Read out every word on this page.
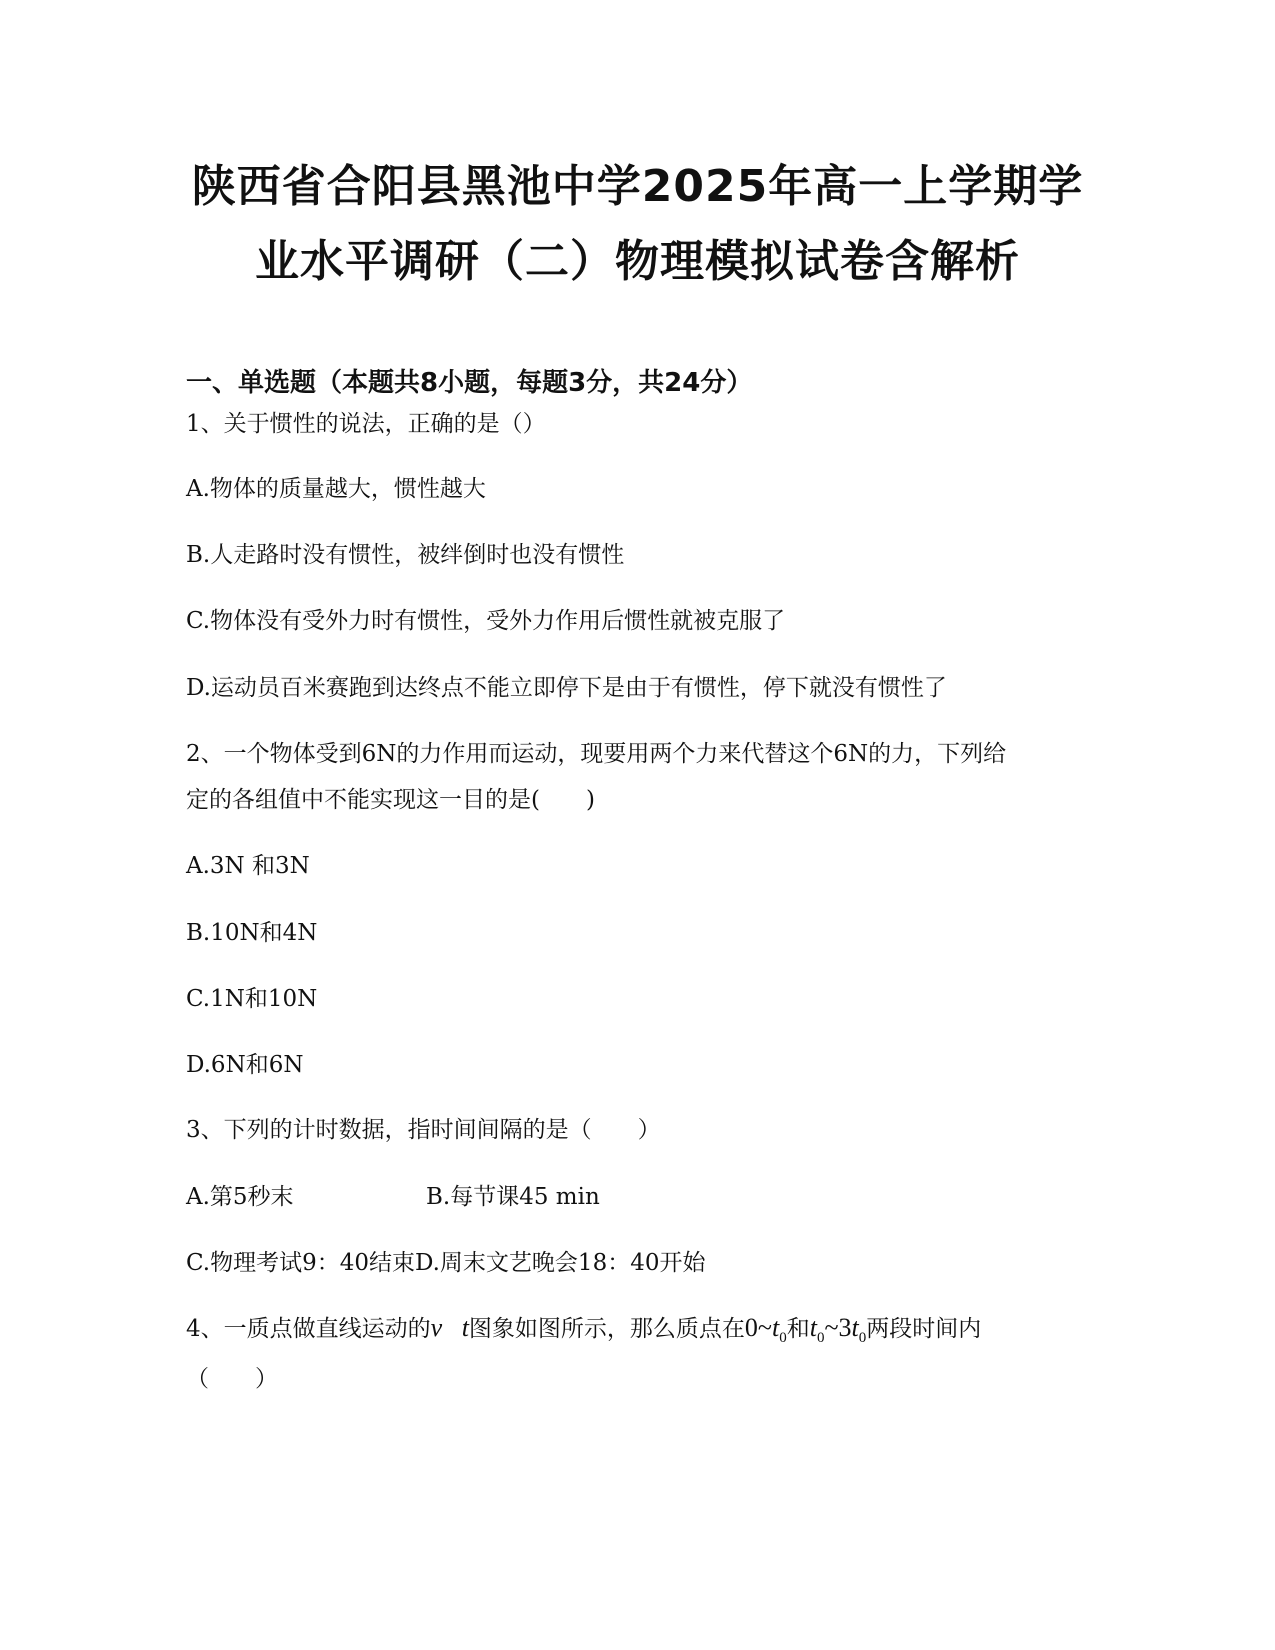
陕西省合阳县黑池中学2025年高一上学期学
业水平调研（二）物理模拟试卷含解析
一、单选题（本题共8小题，每题3分，共24分）
1、关于惯性的说法，正确的是（）
A.物体的质量越大，惯性越大
B.人走路时没有惯性，被绊倒时也没有惯性
C.物体没有受外力时有惯性，受外力作用后惯性就被克服了
D.运动员百米赛跑到达终点不能立即停下是由于有惯性，停下就没有惯性了
2、一个物体受到6N的力作用而运动，现要用两个力来代替这个6N的力，下列给
定的各组值中不能实现这一目的是(　　)
A.3N 和3N
B.10N和4N
C.1N和10N
D.6N和6N
3、下列的计时数据，指时间间隔的是（　　）
A.第5秒末	B.每节课45 min
C.物理考试9：40结束D.周末文艺晚会18：40开始
4、一质点做直线运动的v t图象如图所示，那么质点在$0\sim t_0$和$t_0\sim 3t_0$两段时间内
（　　）
